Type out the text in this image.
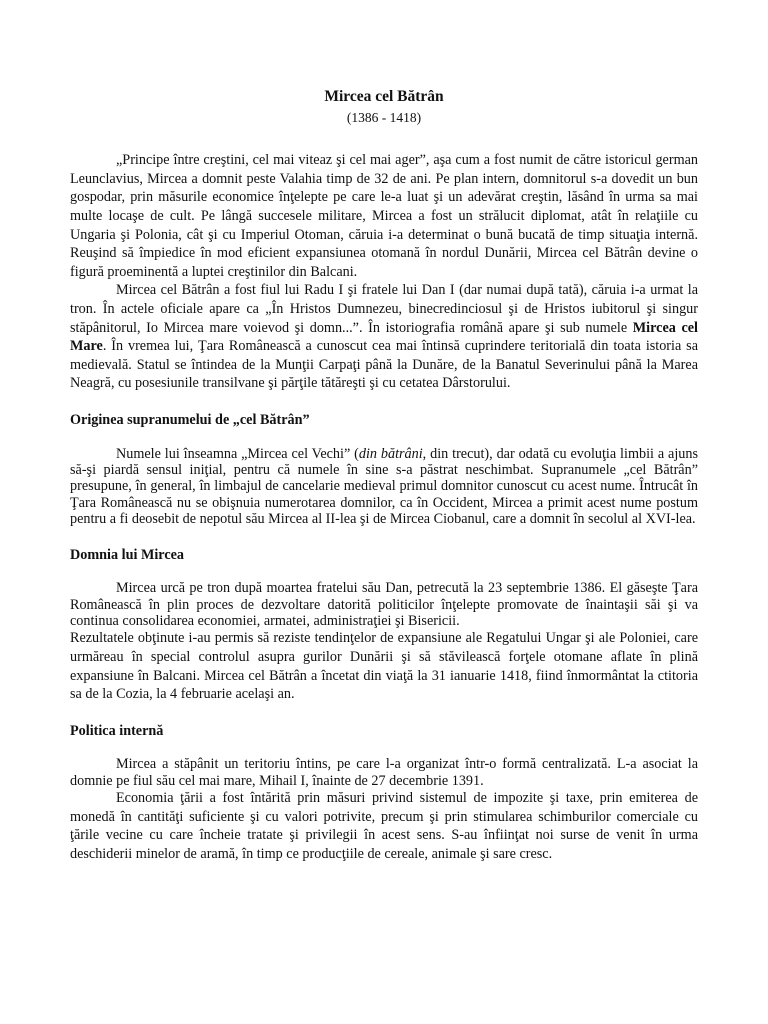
Mircea cel Bătrân
(1386 - 1418)

„Principe între creştini, cel mai viteaz şi cel mai ager”, aşa cum a fost numit de către istoricul german Leunclavius, Mircea a domnit peste Valahia timp de 32 de ani. Pe plan intern, domnitorul s-a dovedit un bun gospodar, prin măsurile economice înţelepte pe care le-a luat şi un adevărat creştin, lăsând în urma sa mai multe locaşe de cult. Pe lângă succesele militare, Mircea a fost un strălucit diplomat, atât în relaţiile cu Ungaria şi Polonia, cât şi cu Imperiul Otoman, căruia i-a determinat o bună bucată de timp situaţia internă. Reuşind să împiedice în mod eficient expansiunea otomană în nordul Dunării, Mircea cel Bătrân devine o figură proeminentă a luptei creştinilor din Balcani.

Mircea cel Bătrân a fost fiul lui Radu I şi fratele lui Dan I (dar numai după tată), căruia i-a urmat la tron. În actele oficiale apare ca „În Hristos Dumnezeu, binecredinciosul şi de Hristos iubitorul şi singur stăpânitorul, Io Mircea mare voievod şi domn...”. În istoriografia română apare şi sub numele Mircea cel Mare. În vremea lui, Ţara Românească a cunoscut cea mai întinsă cuprindere teritorială din toata istoria sa medievală. Statul se întindea de la Munţii Carpaţi până la Dunăre, de la Banatul Severinului până la Marea Neagră, cu posesiunile transilvane şi părţile tătăreşti şi cu cetatea Dârstorului.

Originea supranumelui de „cel Bătrân”

Numele lui înseamna „Mircea cel Vechi” (din bătrâni, din trecut), dar odată cu evoluţia limbii a ajuns să-şi piardă sensul iniţial, pentru că numele în sine s-a păstrat neschimbat. Supranumele „cel Bătrân” presupune, în general, în limbajul de cancelarie medieval primul domnitor cunoscut cu acest nume. Întrucât în Ţara Românească nu se obişnuia numerotarea domnilor, ca în Occident, Mircea a primit acest nume postum pentru a fi deosebit de nepotul său Mircea al II-lea şi de Mircea Ciobanul, care a domnit în secolul al XVI-lea.

Domnia lui Mircea

Mircea urcă pe tron după moartea fratelui său Dan, petrecută la 23 septembrie 1386. El găseşte Ţara Românească în plin proces de dezvoltare datorită politicilor înţelepte promovate de înaintaşii săi şi va continua consolidarea economiei, armatei, administraţiei şi Bisericii.

Rezultatele obţinute i-au permis să reziste tendinţelor de expansiune ale Regatului Ungar şi ale Poloniei, care urmăreau în special controlul asupra gurilor Dunării şi să stăvilească forţele otomane aflate în plină expansiune în Balcani. Mircea cel Bătrân a încetat din viaţă la 31 ianuarie 1418, fiind înmormântat la ctitoria sa de la Cozia, la 4 februarie acelaşi an.

Politica internă

Mircea a stăpânit un teritoriu întins, pe care l-a organizat într-o formă centralizată. L-a asociat la domnie pe fiul său cel mai mare, Mihail I, înainte de 27 decembrie 1391.

Economia ţării a fost întărită prin măsuri privind sistemul de impozite şi taxe, prin emiterea de monedă în cantităţi suficiente şi cu valori potrivite, precum şi prin stimularea schimburilor comerciale cu ţările vecine cu care încheie tratate şi privilegii în acest sens. S-au înfiinţat noi surse de venit în urma deschiderii minelor de aramă, în timp ce producţiile de cereale, animale şi sare cresc.
